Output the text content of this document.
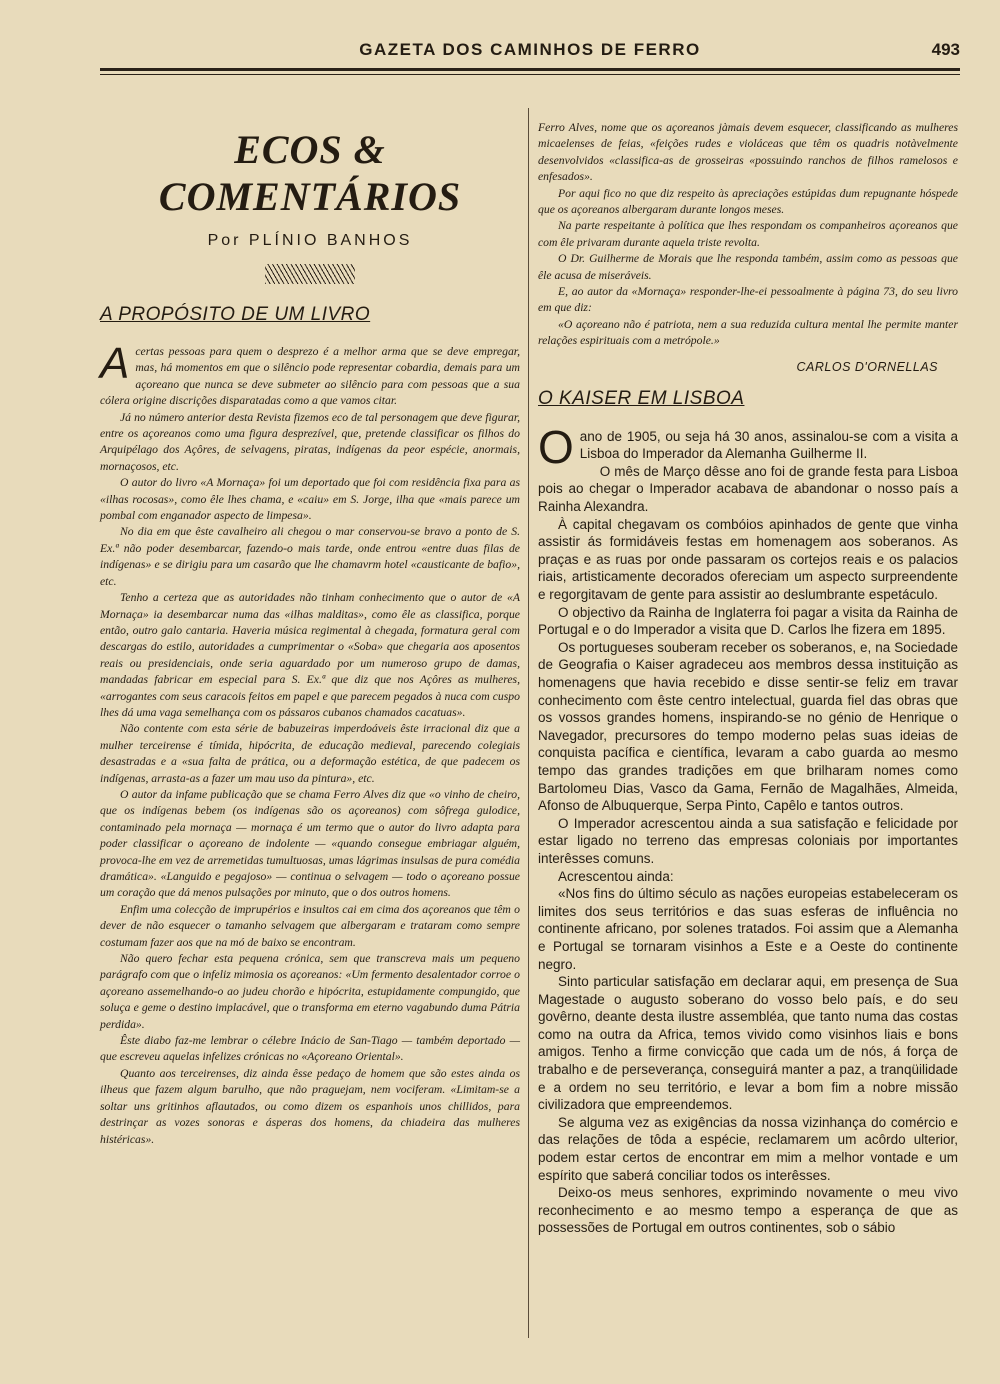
GAZETA DOS CAMINHOS DE FERRO	493
ECOS & COMENTÁRIOS
Por PLÍNIO BANHOS
A PROPÓSITO DE UM LIVRO

Acertas pessoas para quem o desprezo é a melhor arma que se deve empregar, mas, há momentos em que o silêncio pode representar cobardia, demais para um açoreano que nunca se deve submeter ao silêncio para com pessoas que a sua cólera origine discrições disparatadas como a que vamos citar.

Já no número anterior desta Revista fizemos eco de tal personagem que deve figurar, entre os açoreanos como uma figura desprezível, que, pretende classificar os filhos do Arquipélago dos Açôres, de selvagens, piratas, indígenas da peor espécie, anormais, mornaçosos, etc.

O autor do livro «A Mornaça» foi um deportado que foi com residência fixa para as «ilhas rocosas», como êle lhes chama, e «caiu» em S. Jorge, ilha que «mais parece um pombal com enganador aspecto de limpesa».

No dia em que êste cavalheiro ali chegou o mar conservou-se bravo a ponto de S. Ex.ª não poder desembarcar, fazendo-o mais tarde, onde entrou «entre duas filas de indígenas» e se dirigiu para um casarão que lhe chamavrm hotel «causticante de bafio», etc.

Tenho a certeza que as autoridades não tinham conhecimento que o autor de «A Mornaça» ia desembarcar numa das «ilhas malditas», como êle as classifica, porque então, outro galo cantaria. Haveria música regimental à chegada, formatura geral com descargas do estilo, autoridades a cumprimentar o «Soba» que chegaria aos aposentos reais ou presidenciais, onde seria aguardado por um numeroso grupo de damas, mandadas fabricar em especial para S. Ex.ª que diz que nos Açôres as mulheres, «arrogantes com seus caracois feitos em papel e que parecem pegados à nuca com cuspo lhes dá uma vaga semelhança com os pássaros cubanos chamados cacatuas».

Não contente com esta série de babuzeiras imperdoáveis êste irracional diz que a mulher terceirense é tímida, hipócrita, de educação medieval, parecendo colegiais desastradas e a «sua falta de prática, ou a deformação estética, de que padecem os indígenas, arrasta-as a fazer um mau uso da pintura», etc.

O autor da infame publicação que se chama Ferro Alves diz que «o vinho de cheiro, que os indígenas bebem (os indígenas são os açoreanos) com sôfrega gulodice, contaminado pela mornaça — mornaça é um termo que o autor do livro adapta para poder classificar o açoreano de indolente — «quando consegue embriagar alguém, provoca-lhe em vez de arremetidas tumultuosas, umas lágrimas insulsas de pura comédia dramática». «Languido e pegajoso» — continua o selvagem — todo o açoreano possue um coração que dá menos pulsações por minuto, que o dos outros homens.

Enfim uma colecção de imprupérios e insultos cai em cima dos açoreanos que têm o dever de não esquecer o tamanho selvagem que albergaram e trataram como sempre costumam fazer aos que na mó de baixo se encontram.

Não quero fechar esta pequena crónica, sem que transcreva mais um pequeno parágrafo com que o infeliz mimosia os açoreanos: «Um fermento desalentador corroe o açoreano assemelhando-o ao judeu chorão e hipócrita, estupidamente compungido, que soluça e geme o destino implacável, que o transforma em eterno vagabundo duma Pátria perdida».

Êste diabo faz-me lembrar o célebre Inácio de San-Tiago — também deportado — que escreveu aquelas infelizes crónicas no «Açoreano Oriental».

Quanto aos terceirenses, diz ainda êsse pedaço de homem que são estes ainda os ilheus que fazem algum barulho, que não praguejam, nem vociferam. «Limitam-se a soltar uns gritinhos aflautados, ou como dizem os espanhois unos chillidos, para destrinçar as vozes sonoras e ásperas dos homens, da chiadeira das mulheres histéricas».

Ferro Alves, nome que os açoreanos jàmais devem esquecer, classificando as mulheres micaelenses de feias, «feições rudes e violáceas que têm os quadris notàvelmente desenvolvidos «classifica-as de grosseiras «possuindo ranchos de filhos ramelosos e enfesados».

Por aqui fico no que diz respeito às apreciações estúpidas dum repugnante hóspede que os açoreanos albergaram durante longos meses.

Na parte respeitante à política que lhes respondam os companheiros açoreanos que com êle privaram durante aquela triste revolta.

O Dr. Guilherme de Morais que lhe responda também, assim como as pessoas que êle acusa de miseráveis.

E, ao autor da «Mornaça» responder-lhe-ei pessoalmente à página 73, do seu livro em que diz:

«O açoreano não é patriota, nem a sua reduzida cultura mental lhe permite manter relações espirituais com a metrópole.»

CARLOS D'ORNELLAS
O KAISER EM LISBOA

Oano de 1905, ou seja há 30 anos, assinalou-se com a visita a Lisboa do Imperador da Alemanha Guilherme II.

O mês de Março dêsse ano foi de grande festa para Lisboa pois ao chegar o Imperador acabava de abandonar o nosso país a Rainha Alexandra.

À capital chegavam os combóios apinhados de gente que vinha assistir ás formidáveis festas em homenagem aos soberanos. As praças e as ruas por onde passaram os cortejos reais e os palacios riais, artisticamente decorados ofereciam um aspecto surpreendente e regorgitavam de gente para assistir ao deslumbrante espetáculo.

O objectivo da Rainha de Inglaterra foi pagar a visita da Rainha de Portugal e o do Imperador a visita que D. Carlos lhe fizera em 1895.

Os portugueses souberam receber os soberanos, e, na Sociedade de Geografia o Kaiser agradeceu aos membros dessa instituição as homenagens que havia recebido e disse sentir-se feliz em travar conhecimento com êste centro intelectual, guarda fiel das obras que os vossos grandes homens, inspirando-se no génio de Henrique o Navegador, precursores do tempo moderno pelas suas ideias de conquista pacífica e científica, levaram a cabo guarda ao mesmo tempo das grandes tradições em que brilharam nomes como Bartolomeu Dias, Vasco da Gama, Fernão de Magalhães, Almeida, Afonso de Albuquerque, Serpa Pinto, Capêlo e tantos outros.

O Imperador acrescentou ainda a sua satisfação e felicidade por estar ligado no terreno das empresas coloniais por importantes interêsses comuns.

Acrescentou ainda:

«Nos fins do último século as nações europeias estabeleceram os limites dos seus territórios e das suas esferas de influência no continente africano, por solenes tratados. Foi assim que a Alemanha e Portugal se tornaram visinhos a Este e a Oeste do continente negro.

Sinto particular satisfação em declarar aqui, em presença de Sua Magestade o augusto soberano do vosso belo país, e do seu govêrno, deante desta ilustre assembléa, que tanto numa das costas como na outra da Africa, temos vivido como visinhos liais e bons amigos. Tenho a firme convicção que cada um de nós, á força de trabalho e de perseverança, conseguirá manter a paz, a tranqüilidade e a ordem no seu território, e levar a bom fim a nobre missão civilizadora que empreendemos.

Se alguma vez as exigências da nossa vizinhança do comércio e das relações de tôda a espécie, reclamarem um acôrdo ulterior, podem estar certos de encontrar em mim a melhor vontade e um espírito que saberá conciliar todos os interêsses.

Deixo-os meus senhores, exprimindo novamente o meu vivo reconhecimento e ao mesmo tempo a esperança de que as possessões de Portugal em outros continentes, sob o sábio
